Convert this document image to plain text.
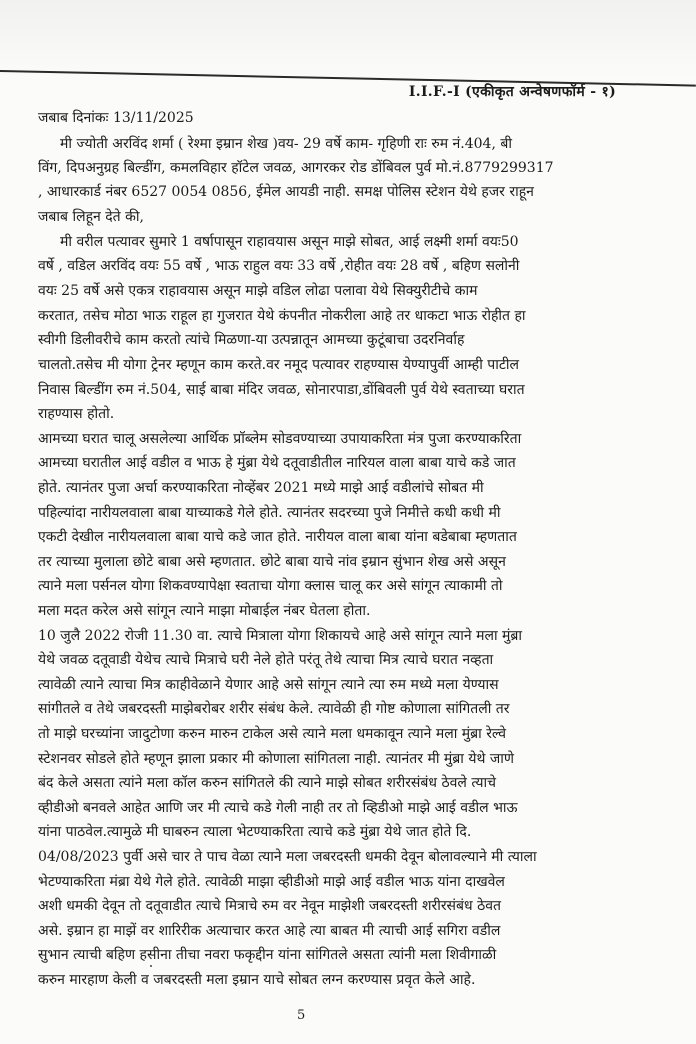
I.I.F.-I (एकीकृत अन्वेषणफॉर्म - १)
जबाब दिनांकः 13/11/2025
मी ज्योती अरविंद शर्मा ( रेश्मा इम्रान शेख )वय- 29 वर्षे काम- गृहिणी राः रुम नं.404, बी
विंग, दिपअनुग्रह बिल्डींग, कमलविहार हॉटेल जवळ, आगरकर रोड डोंबिवल पुर्व मो.नं.8779299317
, आधारकार्ड नंबर 6527 0054 0856, ईमेल आयडी नाही. समक्ष पोलिस स्टेशन येथे हजर राहून
जबाब लिहून देते की,
मी वरील पत्यावर सुमारे 1 वर्षापासून राहावयास असून माझे सोबत, आई लक्ष्मी शर्मा वयः50
वर्षे , वडिल अरविंद वयः 55 वर्षे , भाऊ राहुल वयः 33 वर्षे ,रोहीत वयः 28 वर्षे , बहिण सलोनी
वयः 25 वर्षे असे एकत्र राहावयास असून माझे वडिल लोढा पलावा येथे सिक्युरीटीचे काम
करतात, तसेच मोठा भाऊ राहूल हा गुजरात येथे कंपनीत नोकरीला आहे तर धाकटा भाऊ रोहीत हा
स्वीगी डिलीवरीचे काम करतो त्यांचे मिळणा-या उत्पन्नातून आमच्या कुटूंबाचा उदरनिर्वाह
चालतो.तसेच मी योगा ट्रेनर म्हणून काम करते.वर नमूद पत्यावर राहण्यास येण्यापुर्वी आम्ही पाटील
निवास बिल्डींग रुम नं.504, साई बाबा मंदिर जवळ, सोनारपाडा,डोंबिवली पुर्व येथे स्वताच्या घरात
राहण्यास होतो.
आमच्या घरात चालू असलेल्या आर्थिक प्रॉब्लेम सोडवण्याच्या उपायाकरिता मंत्र पुजा करण्याकरिता
आमच्या घरातील आई वडील व भाऊ हे मुंब्रा येथे दतूवाडीतील नारियल वाला बाबा याचे कडे जात
होते. त्यानंतर पुजा अर्चा करण्याकरिता नोव्हेंबर 2021 मध्ये माझे आई वडीलांचे सोबत मी
पहिल्यांदा नारीयलवाला बाबा याच्याकडे गेले होते. त्यानंतर सदरच्या पुजे निमीत्ते कधी कधी मी
एकटी देखील नारीयलवाला बाबा याचे कडे जात होते. नारीयल वाला बाबा यांना बडेबाबा म्हणतात
तर त्याच्या मुलाला छोटे बाबा असे म्हणतात. छोटे बाबा याचे नांव इम्रान सुंभान शेख असे असून
त्याने मला पर्सनल योगा शिकवण्यापेक्षा स्वताचा योगा क्लास चालू कर असे सांगून त्याकामी तो
मला मदत करेल असे सांगून त्याने माझा मोबाईल नंबर घेतला होता.
10 जुलै 2022 रोजी 11.30 वा. त्याचे मित्राला योगा शिकायचे आहे असे सांगून त्याने मला मुंब्रा
येथे जवळ दतूवाडी येथेच त्याचे मित्राचे घरी नेले होते परंतू तेथे त्याचा मित्र त्याचे घरात नव्हता
त्यावेळी त्याने त्याचा मित्र काहीवेळाने येणार आहे असे सांगून त्याने त्या रुम मध्ये मला येण्यास
सांगीतले व तेथे जबरदस्ती माझेबरोबर शरीर संबंध केले. त्यावेळी ही गोष्ट कोणाला सांगितली तर
तो माझे घरच्यांना जादुटोणा करुन मारुन टाकेल असे त्याने मला धमकावून त्याने मला मुंब्रा रेल्वे
स्टेशनवर सोडले होते म्हणून झाला प्रकार मी कोणाला सांगितला नाही. त्यानंतर मी मुंब्रा येथे जाणे
बंद केले असता त्यांने मला कॉल करुन सांगितले की त्याने माझे सोबत शरीरसंबंध ठेवले त्याचे
व्हीडीओ बनवले आहेत आणि जर मी त्याचे कडे गेली नाही तर तो व्हिडीओ माझे आई वडील भाऊ
यांना पाठवेल.त्यामुळे मी घाबरुन त्याला भेटण्याकरिता त्याचे कडे मुंब्रा येथे जात होते दि.
04/08/2023 पुर्वी असे चार ते पाच वेळा त्याने मला जबरदस्ती धमकी देवून बोलावल्याने मी त्याला
भेटण्याकरिता मंब्रा येथे गेले होते. त्यावेळी माझा व्हीडीओ माझे आई वडील भाऊ यांना दाखवेल
अशी धमकी देवून तो दतूवाडीत त्याचे मित्राचे रुम वर नेवून माझेशी जबरदस्ती शरीरसंबंध ठेवत
असे. इम्रान हा माझें वर शारिरीक अत्याचार करत आहे त्या बाबत मी त्याची आई सगिरा वडील
सुभान त्याची बहिण हसीना तीचा नवरा फकृद्दीन यांना सांगितले असता त्यांनी मला शिवीगाळी
करुन मारहाण केली व जबरदस्ती मला इम्रान याचे सोबत लग्न करण्यास प्रवृत केले आहे.
5
